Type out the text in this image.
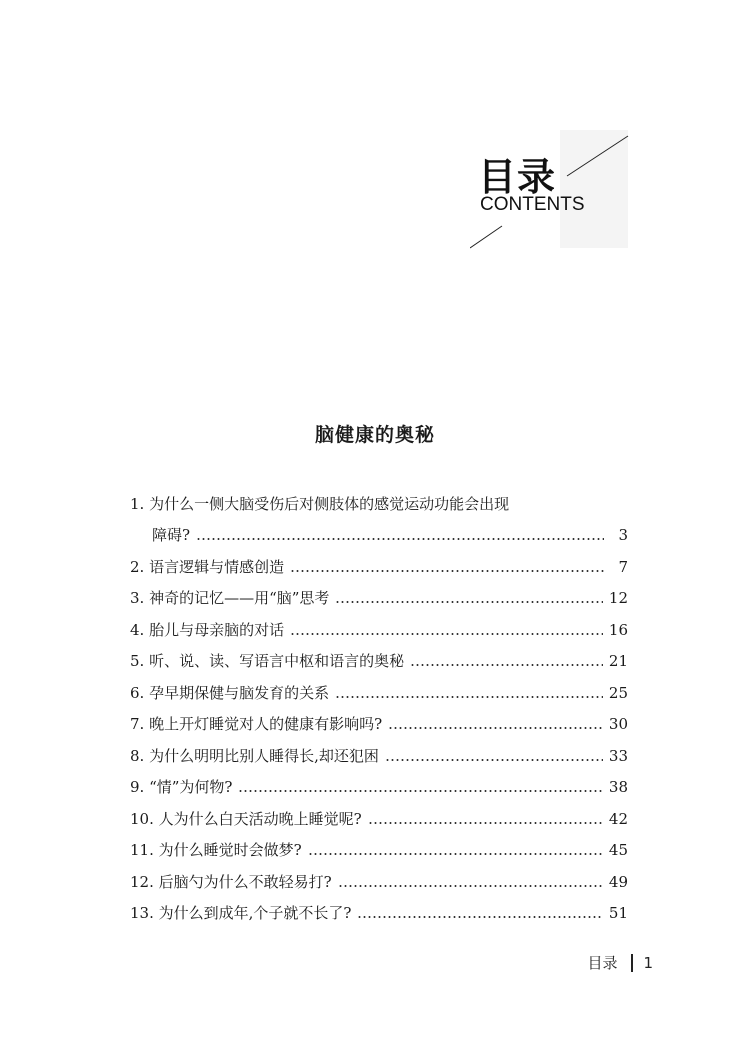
目录
CONTENTS
脑健康的奥秘
1. 为什么一侧大脑受伤后对侧肢体的感觉运动功能会出现
障碍?	3
2. 语言逻辑与情感创造	7
3. 神奇的记忆——用“脑”思考	12
4. 胎儿与母亲脑的对话	16
5. 听、说、读、写语言中枢和语言的奥秘	21
6. 孕早期保健与脑发育的关系	25
7. 晚上开灯睡觉对人的健康有影响吗?	30
8. 为什么明明比别人睡得长,却还犯困	33
9. “情”为何物?	38
10. 人为什么白天活动晚上睡觉呢?	42
11. 为什么睡觉时会做梦?	45
12. 后脑勺为什么不敢轻易打?	49
13. 为什么到成年,个子就不长了?	51
目录 1
